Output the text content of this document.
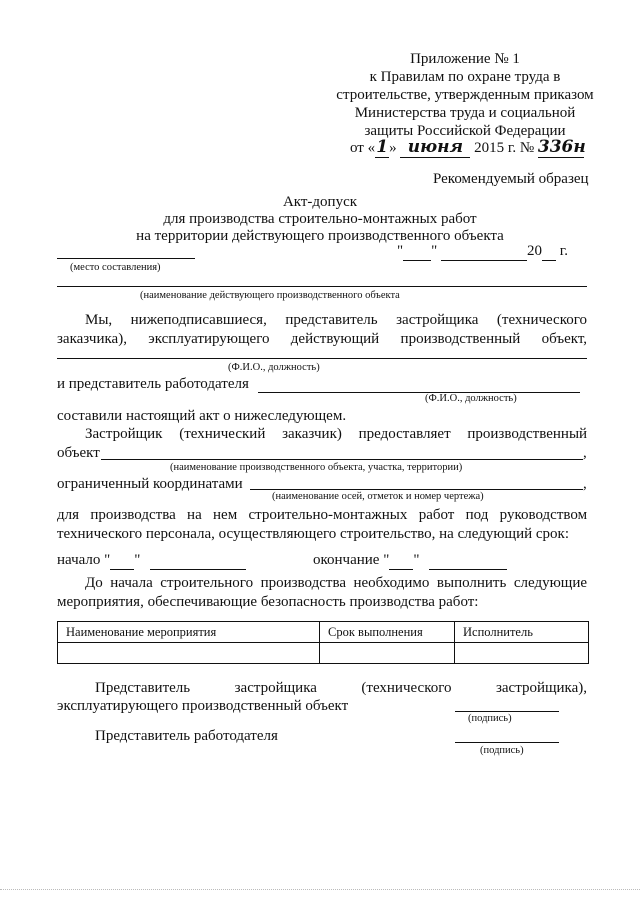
Приложение № 1
к Правилам по охране труда в
строительстве, утвержденным приказом
Министерства труда и социальной
защиты Российской Федерации
от «1» июня 2015 г. № 336н
Рекомендуемый образец
Акт-допуск
для производства строительно-монтажных работ
на территории действующего производственного объекта
(место составления)
" "	20 г.
(наименование действующего производственного объекта
Мы, нижеподписавшиеся, представитель застройщика (технического
заказчика), эксплуатирующего действующий производственный объект,
(Ф.И.О., должность)
и представитель работодателя
(Ф.И.О., должность)
составили настоящий акт о нижеследующем.
Застройщик (технический заказчик) предоставляет производственный
объект	,
(наименование производственного объекта, участка, территории)
ограниченный координатами	,
(наименование осей, отметок и номер чертежа)
для производства на нем строительно-монтажных работ под руководством
технического персонала, осуществляющего строительство, на следующий срок:
начало " "	окончание " "
До начала строительного производства необходимо выполнить следующие
мероприятия, обеспечивающие безопасность производства работ:
Наименование мероприятия	Срок выполнения	Исполнитель

Представитель	застройщика	(технического	застройщика),
эксплуатирующего производственный объект
(подпись)
Представитель работодателя
(подпись)
